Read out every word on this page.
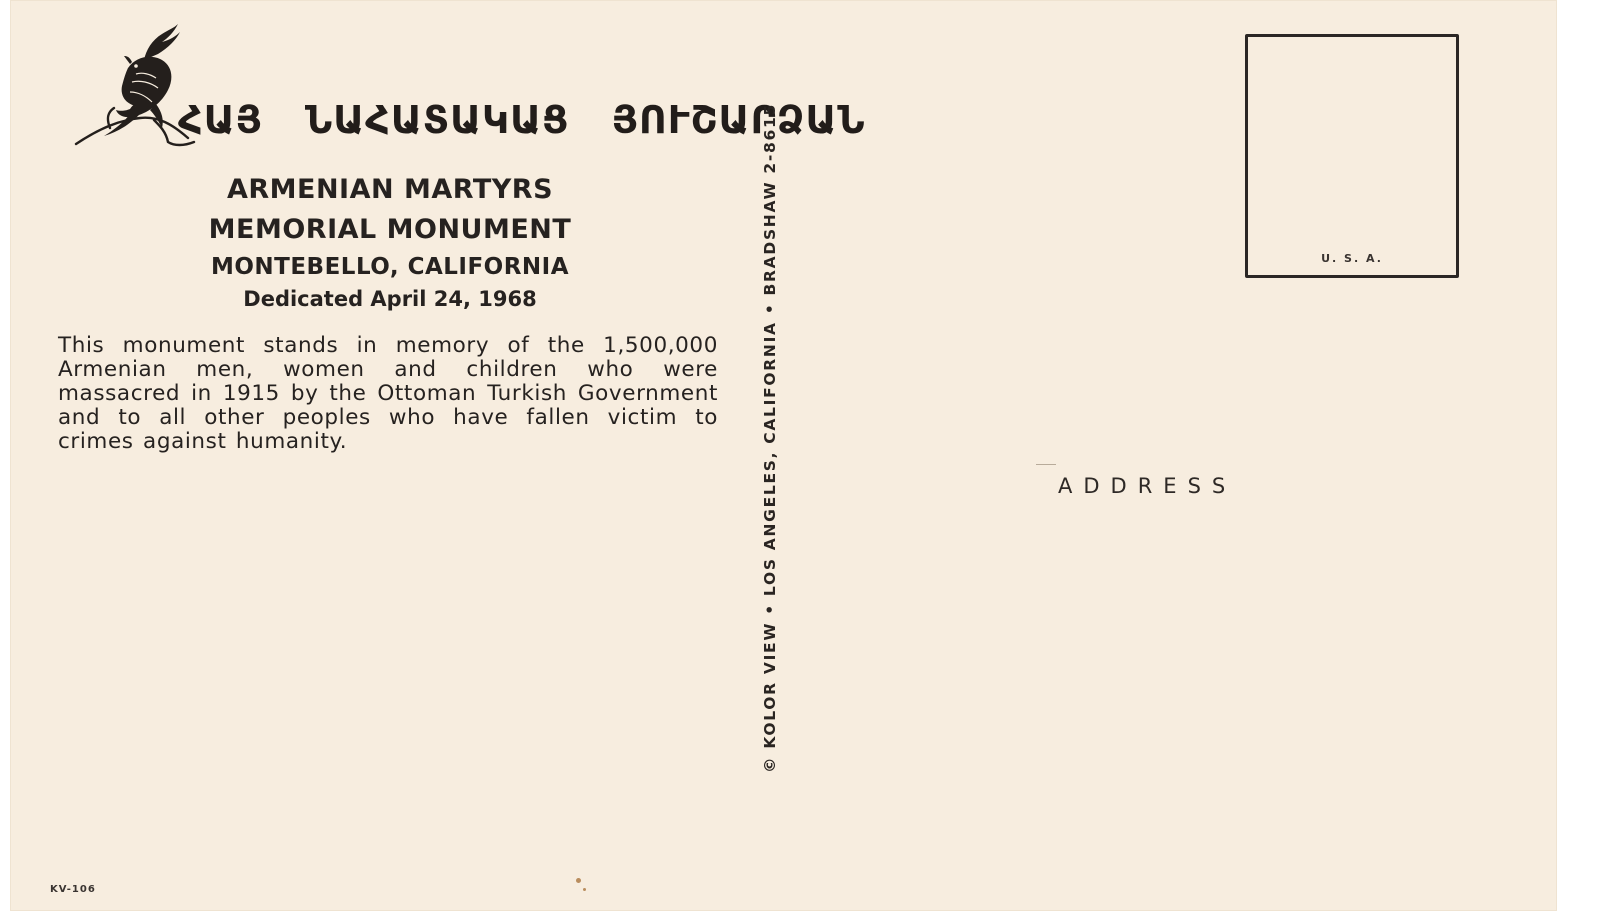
ՀԱՅ ՆԱՀԱՏԱԿԱՑ ՅՈՒՇԱՐՁԱՆ
ARMENIAN MARTYRS
MEMORIAL MONUMENT
MONTEBELLO, CALIFORNIA
Dedicated April 24, 1968
This monument stands in memory of the 1,500,000 Armenian men, women and children who were massacred in 1915 by the Ottoman Turkish Government and to all other peoples who have fallen victim to crimes against humanity.	© KOLOR VIEW • LOS ANGELES, CALIFORNIA • BRADSHAW 2-8615	U. S. A.
ADDRESS
KV-106
